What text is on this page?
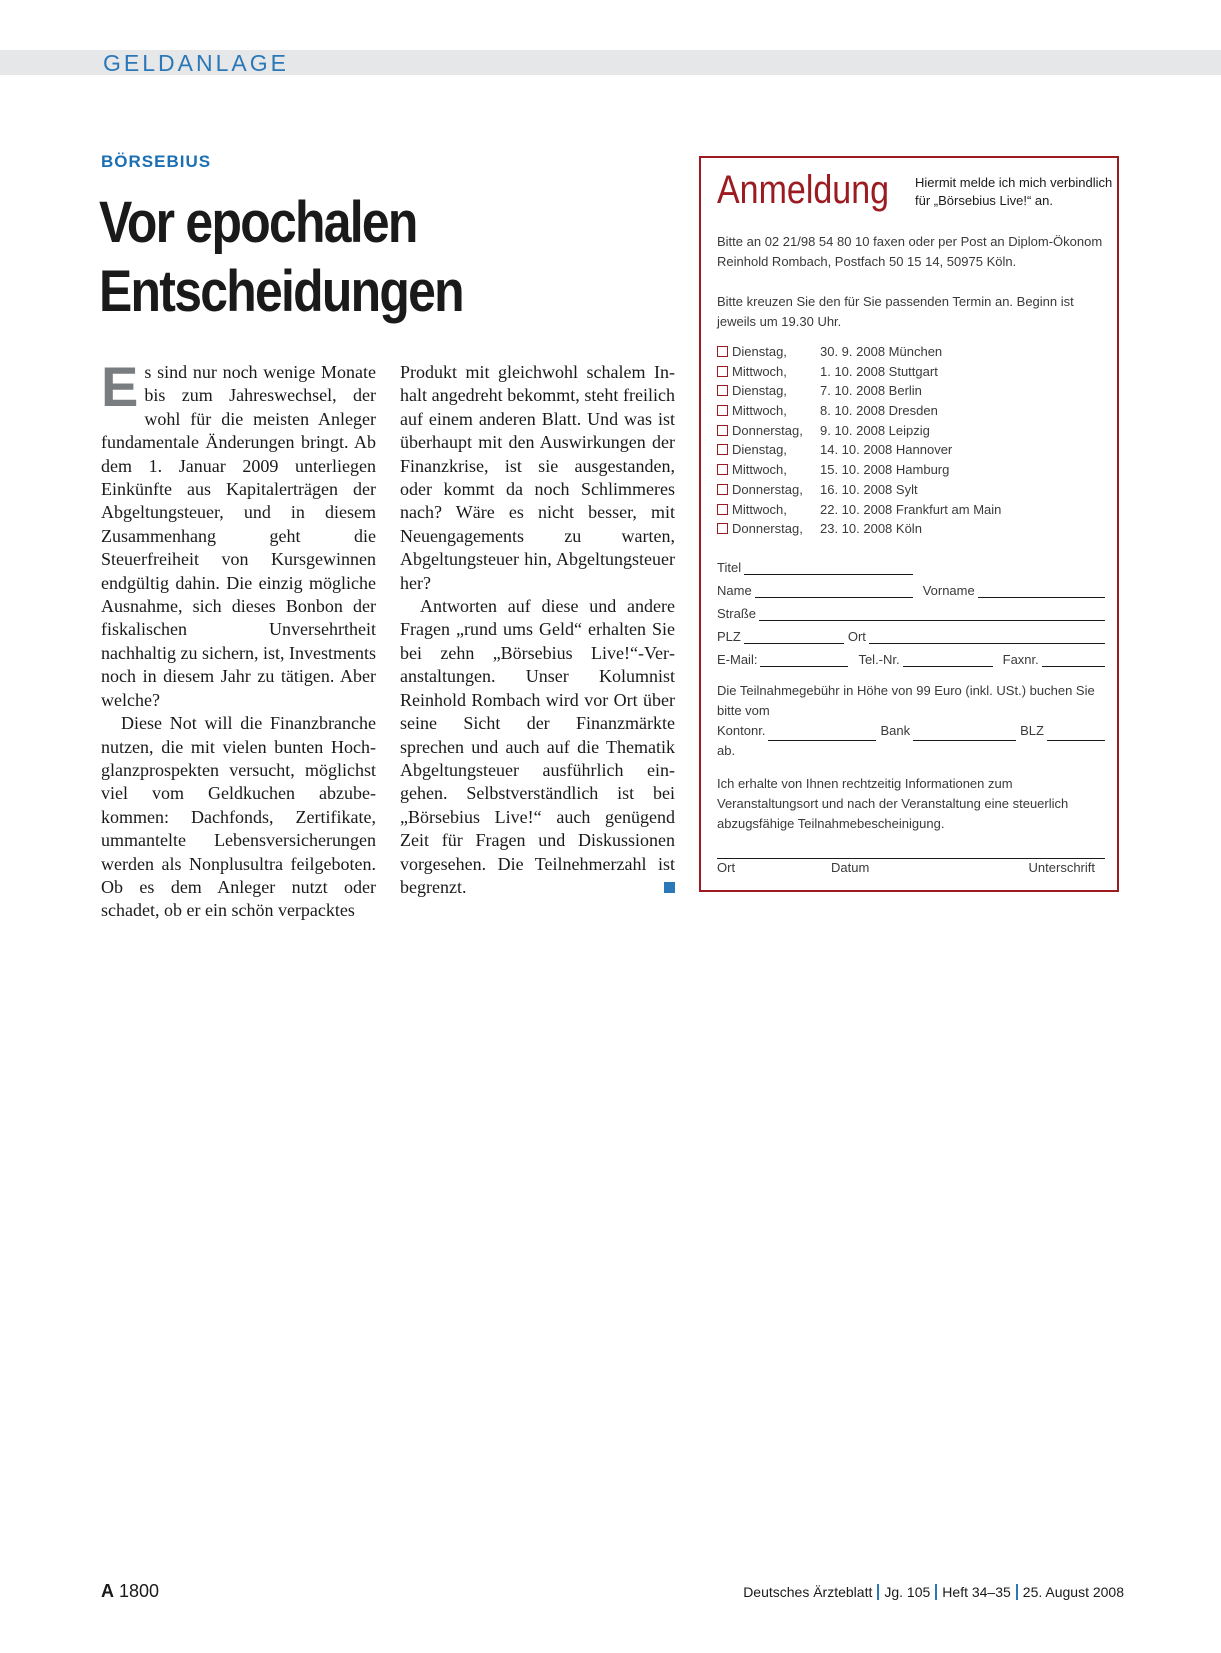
GELDANLAGE
BÖRSEBIUS
Vor epochalen
Entscheidungen

Es sind nur noch wenige Monate bis zum Jahreswechsel, der wohl für die meisten Anleger fundamentale Änderungen bringt. Ab dem 1. Januar 2009 unterliegen Einkünfte aus Kapitalerträgen der Abgeltungsteuer, und in diesem Zusammenhang geht die Steuerfreiheit von Kursgewinnen endgültig dahin. Die einzig mögliche Ausnahme, sich dieses Bonbon der fiskalischen Unversehrtheit nachhaltig zu sichern, ist, Investments noch in diesem Jahr zu tätigen. Aber welche?

Diese Not will die Finanzbranche nutzen, die mit vielen bunten Hochglanzprospekten versucht, möglichst viel vom Geldkuchen abzubekommen: Dachfonds, Zertifikate, ummantelte Lebensversicherungen werden als Nonplusultra feilgeboten. Ob es dem Anleger nutzt oder schadet, ob er ein schön verpacktes

Produkt mit gleichwohl schalem Inhalt angedreht bekommt, steht freilich auf einem anderen Blatt. Und was ist überhaupt mit den Auswirkungen der Finanzkrise, ist sie ausgestanden, oder kommt da noch Schlimmeres nach? Wäre es nicht besser, mit Neuengagements zu warten, Abgeltungsteuer hin, Abgeltungsteuer her?

Antworten auf diese und andere Fragen „rund ums Geld“ erhalten Sie bei zehn „Börsebius Live!“-Veranstaltungen. Unser Kolumnist Reinhold Rombach wird vor Ort über seine Sicht der Finanzmärkte sprechen und auch auf die Thematik Abgeltungsteuer ausführlich eingehen. Selbstverständlich ist bei „Börsebius Live!“ auch genügend Zeit für Fragen und Diskussionen vorgesehen. Die Teilnehmerzahl ist begrenzt.

Anmeldung Hiermit melde ich mich verbindlich für „Börsebius Live!“ an.
Bitte an 02 21/98 54 80 10 faxen oder per Post an Diplom-Ökonom Reinhold Rombach, Postfach 50 15 14, 50975 Köln.
Bitte kreuzen Sie den für Sie passenden Termin an. Beginn ist jeweils um 19.30 Uhr.
Dienstag,	30. 9. 2008 München
Mittwoch,	1. 10. 2008 Stuttgart
Dienstag,	7. 10. 2008 Berlin
Mittwoch,	8. 10. 2008 Dresden
Donnerstag, 9. 10. 2008 Leipzig
Dienstag,	14. 10. 2008 Hannover
Mittwoch,	15. 10. 2008 Hamburg
Donnerstag, 16. 10. 2008 Sylt
Mittwoch,	22. 10. 2008 Frankfurt am Main
Donnerstag, 23. 10. 2008 Köln
Titel
Name	Vorname
Straße
PLZ	Ort
E-Mail:	Tel.-Nr.	Faxnr.
Die Teilnahmegebühr in Höhe von 99 Euro (inkl. USt.) buchen Sie bitte vom
Kontonr.	Bank	BLZ
ab.
Ich erhalte von Ihnen rechtzeitig Informationen zum Veranstaltungsort und nach der Veranstaltung eine steuerlich abzugsfähige Teilnahmebescheinigung.
Ort	Datum	Unterschrift
A 1800	Deutsches Ärzteblatt Jg. 105 Heft 34–35 25. August 2008
